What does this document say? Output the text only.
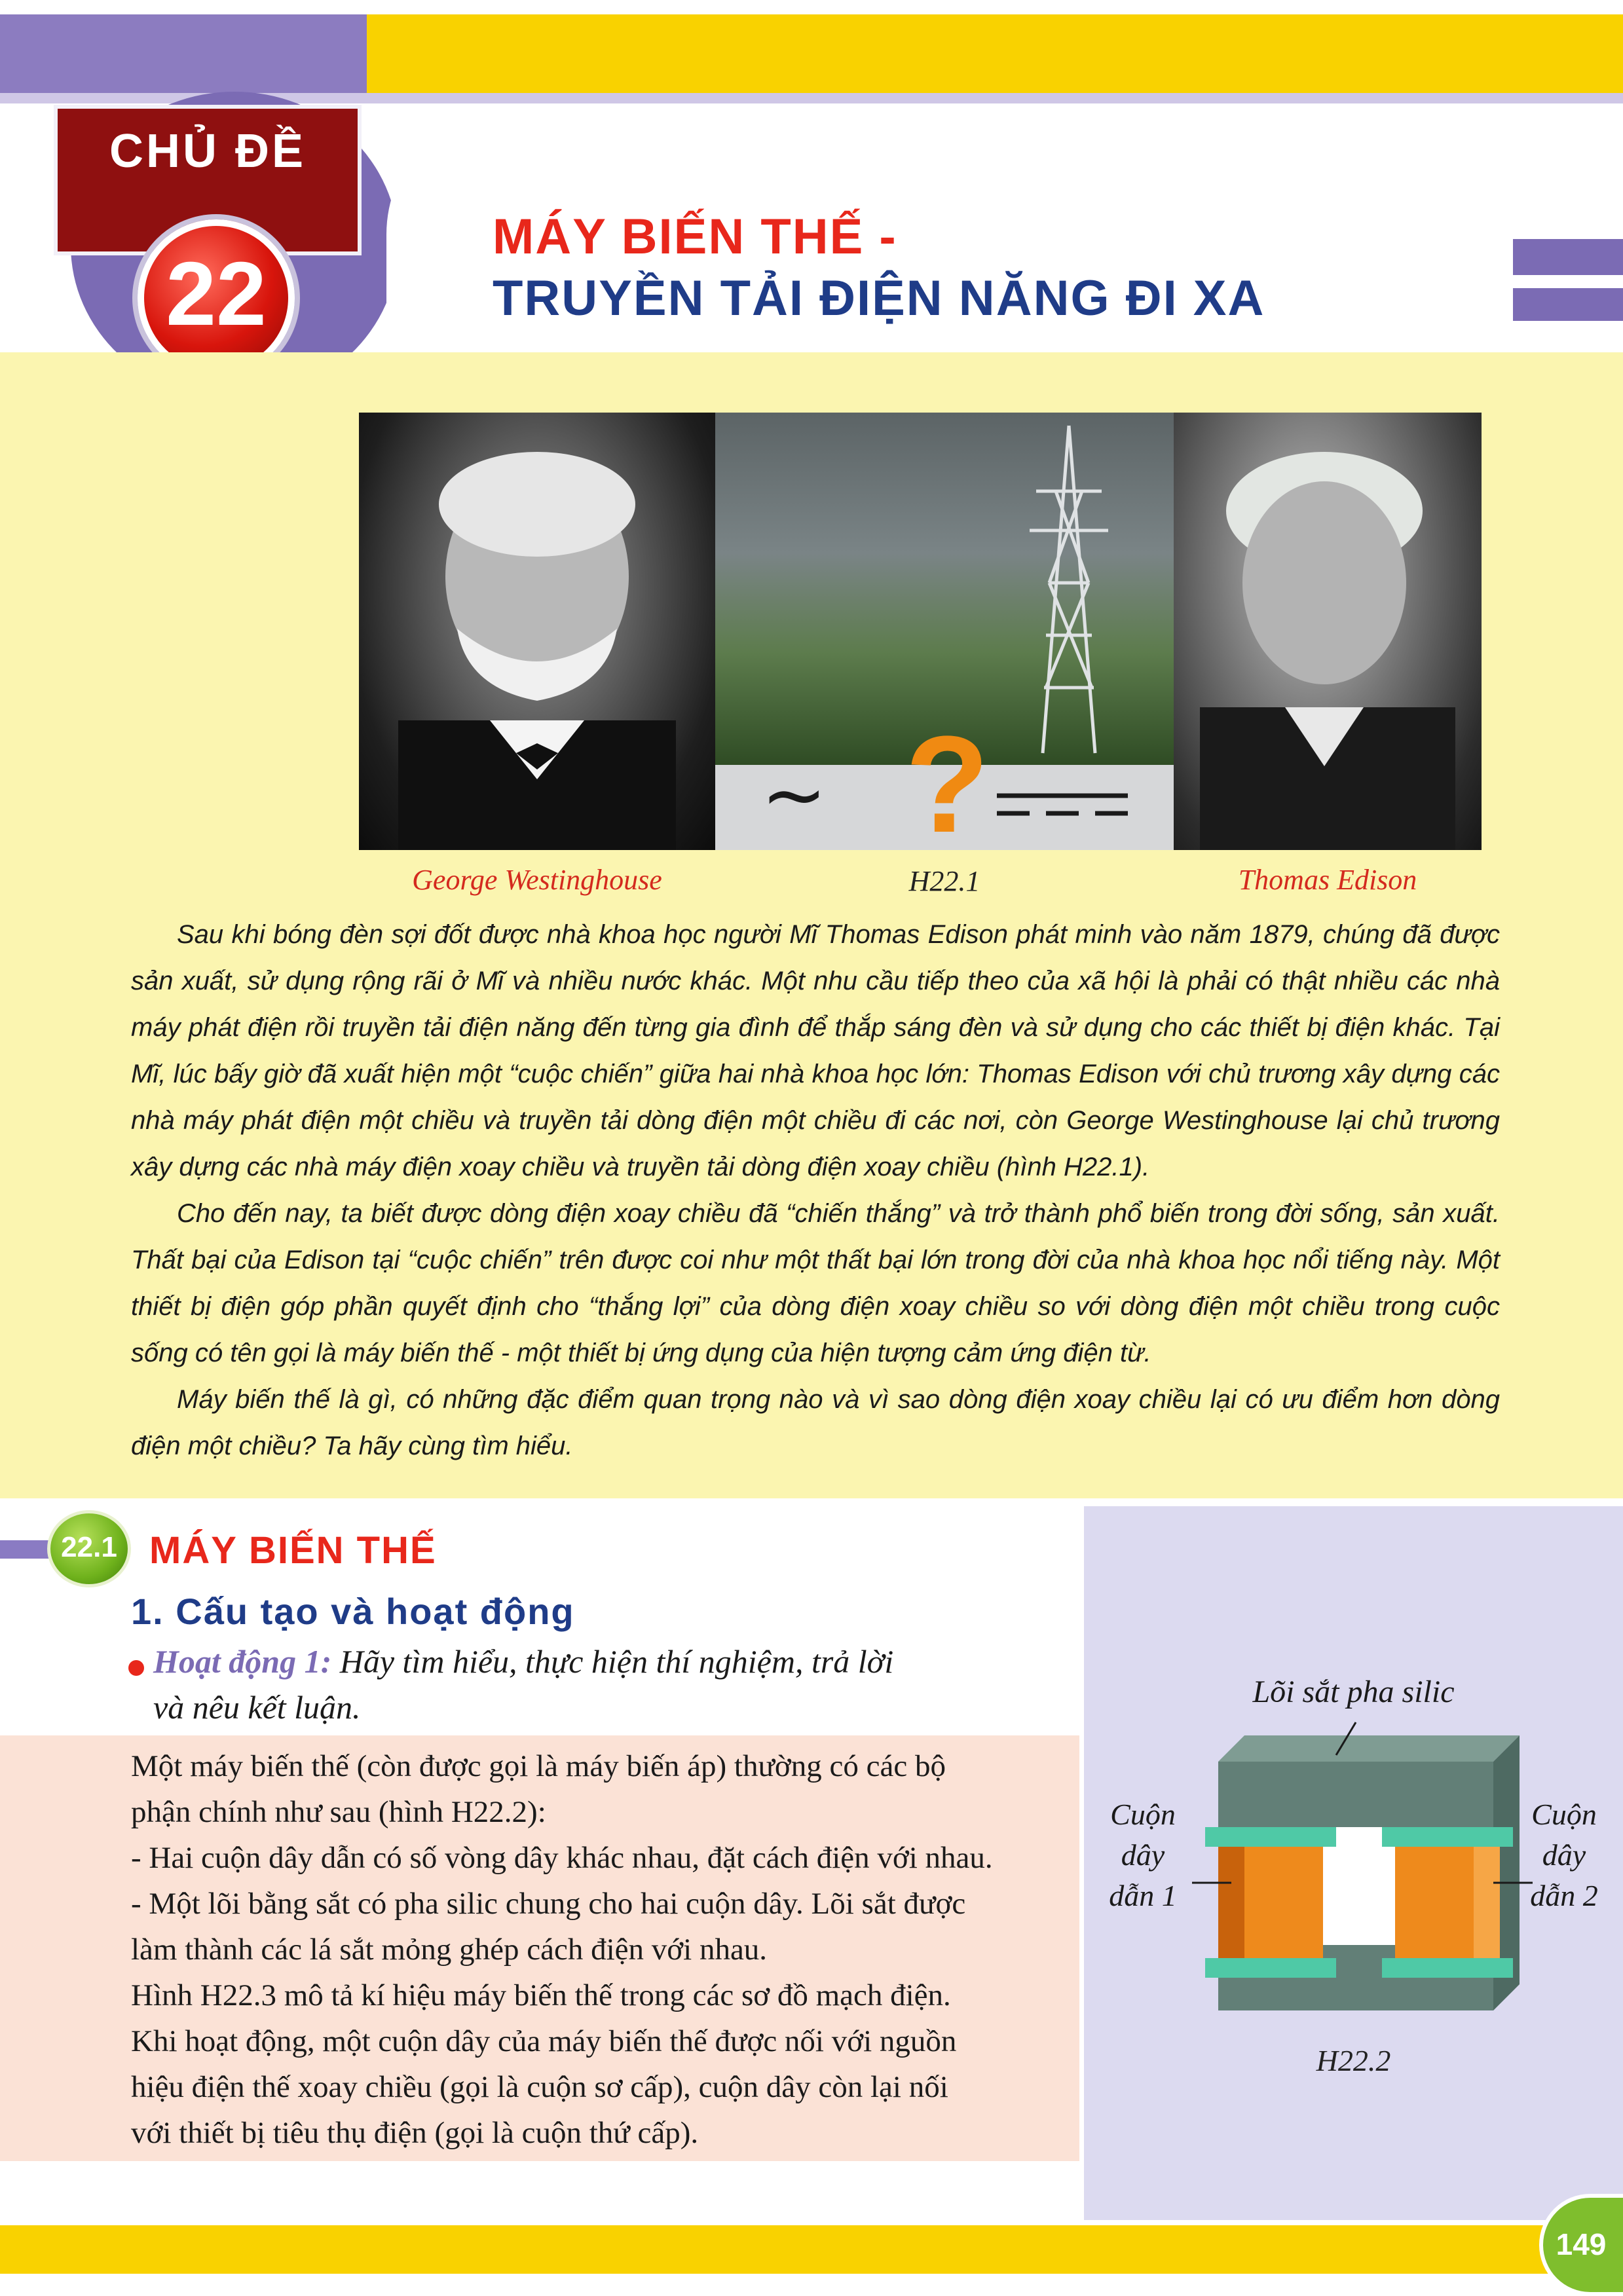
CHỦ ĐỀ
22
MÁY BIẾN THẾ -
TRUYỀN TẢI ĐIỆN NĂNG ĐI XA
~ ?
George Westinghouse	H22.1	Thomas Edison

Sau khi bóng đèn sợi đốt được nhà khoa học người Mĩ Thomas Edison phát minh vào năm 1879, chúng đã được sản xuất, sử dụng rộng rãi ở Mĩ và nhiều nước khác. Một nhu cầu tiếp theo của xã hội là phải có thật nhiều các nhà máy phát điện rồi truyền tải điện năng đến từng gia đình để thắp sáng đèn và sử dụng cho các thiết bị điện khác. Tại Mĩ, lúc bấy giờ đã xuất hiện một “cuộc chiến” giữa hai nhà khoa học lớn: Thomas Edison với chủ trương xây dựng các nhà máy phát điện một chiều và truyền tải dòng điện một chiều đi các nơi, còn George Westinghouse lại chủ trương xây dựng các nhà máy điện xoay chiều và truyền tải dòng điện xoay chiều (hình H22.1).

Cho đến nay, ta biết được dòng điện xoay chiều đã “chiến thắng” và trở thành phổ biến trong đời sống, sản xuất. Thất bại của Edison tại “cuộc chiến” trên được coi như một thất bại lớn trong đời của nhà khoa học nổi tiếng này. Một thiết bị điện góp phần quyết định cho “thắng lợi” của dòng điện xoay chiều so với dòng điện một chiều trong cuộc sống có tên gọi là máy biến thế - một thiết bị ứng dụng của hiện tượng cảm ứng điện từ.

Máy biến thế là gì, có những đặc điểm quan trọng nào và vì sao dòng điện xoay chiều lại có ưu điểm hơn dòng điện một chiều? Ta hãy cùng tìm hiểu.

22.1 MÁY BIẾN THẾ
1. Cấu tạo và hoạt động
Hoạt động 1: Hãy tìm hiểu, thực hiện thí nghiệm, trả lời
và nêu kết luận.
Một máy biến thế (còn được gọi là máy biến áp) thường có các bộ
phận chính như sau (hình H22.2):
- Hai cuộn dây dẫn có số vòng dây khác nhau, đặt cách điện với nhau.
- Một lõi bằng sắt có pha silic chung cho hai cuộn dây. Lõi sắt được
làm thành các lá sắt mỏng ghép cách điện với nhau.
Hình H22.3 mô tả kí hiệu máy biến thế trong các sơ đồ mạch điện.
Khi hoạt động, một cuộn dây của máy biến thế được nối với nguồn
hiệu điện thế xoay chiều (gọi là cuộn sơ cấp), cuộn dây còn lại nối
với thiết bị tiêu thụ điện (gọi là cuộn thứ cấp).
Lõi sắt pha silic
Cuộn
dây
dẫn 1
Cuộn
dây
dẫn 2
H22.2
149
